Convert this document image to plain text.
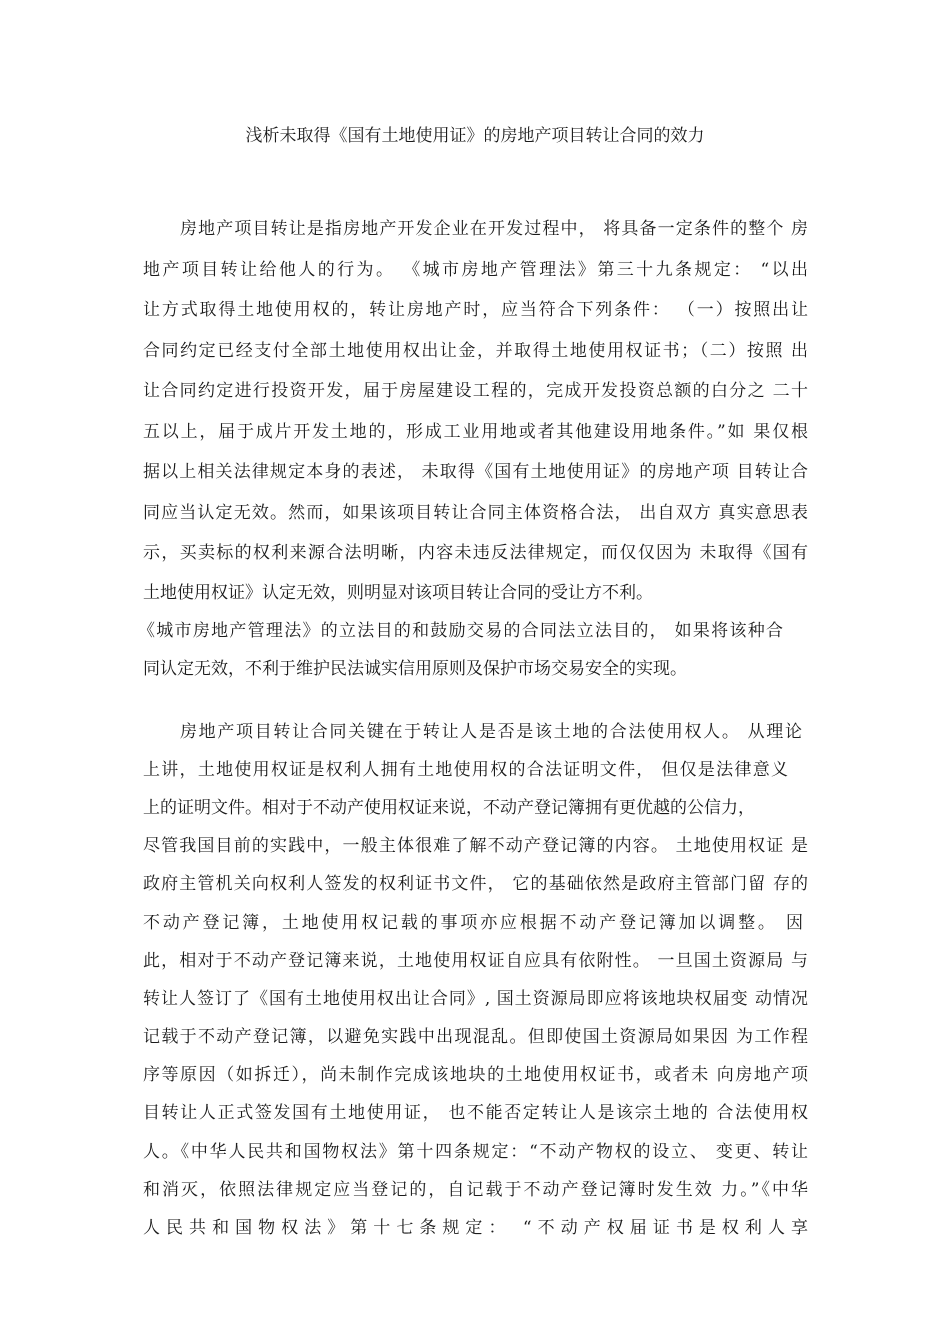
浅析未取得《国有土地使用证》的房地产项目转让合同的效力
房地产项目转让是指房地产开发企业在开发过程中， 将具备一定条件的整个 房
地产项目转让给他人的行为。 《城市房地产管理法》第三十九条规定： “以出
让方式取得土地使用权的，转让房地产时，应当符合下列条件： （一）按照出让
合同约定已经支付全部土地使用权出让金，并取得土地使用权证书；（二）按照 出
让合同约定进行投资开发，届于房屋建设工程的，完成开发投资总额的白分之 二十
五以上，届于成片开发土地的，形成工业用地或者其他建设用地条件。”如 果仅根
据以上相关法律规定本身的表述， 未取得《国有土地使用证》的房地产项 目转让合
同应当认定无效。然而，如果该项目转让合同主体资格合法， 出自双方 真实意思表
示，买卖标的权利来源合法明晰，内容未违反法律规定，而仅仅因为 未取得《国有
土地使用权证》认定无效，则明显对该项目转让合同的受让方不利。
《城市房地产管理法》的立法目的和鼓励交易的合同法立法目的， 如果将该种合
同认定无效，不利于维护民法诚实信用原则及保护市场交易安全的实现。
房地产项目转让合同关键在于转让人是否是该土地的合法使用权人。 从理论
上讲，土地使用权证是权利人拥有土地使用权的合法证明文件， 但仅是法律意义
上的证明文件。相对于不动产使用权证来说，不动产登记簿拥有更优越的公信力，
尽管我国目前的实践中，一般主体很难了解不动产登记簿的内容。 土地使用权证 是
政府主管机关向权利人签发的权利证书文件， 它的基础依然是政府主管部门留 存的
不动产登记簿，土地使用权记载的事项亦应根据不动产登记簿加以调整。 因
此，相对于不动产登记簿来说，土地使用权证自应具有依附性。 一旦国土资源局 与
转让人签订了《国有土地使用权出让合同》, 国土资源局即应将该地块权届变 动情况
记载于不动产登记簿，以避免实践中出现混乱。但即使国土资源局如果因 为工作程
序等原因（如拆迁），尚未制作完成该地块的土地使用权证书，或者未 向房地产项
目转让人正式签发国有土地使用证， 也不能否定转让人是该宗土地的 合法使用权
人。《中华人民共和国物权法》第十四条规定：“不动产物权的设立、 变更、转让
和消灭，依照法律规定应当登记的，自记载于不动产登记簿时发生效 力。”《中华
人民共和国物权法》第十七条规定： “不动产权届证书是权利人享
